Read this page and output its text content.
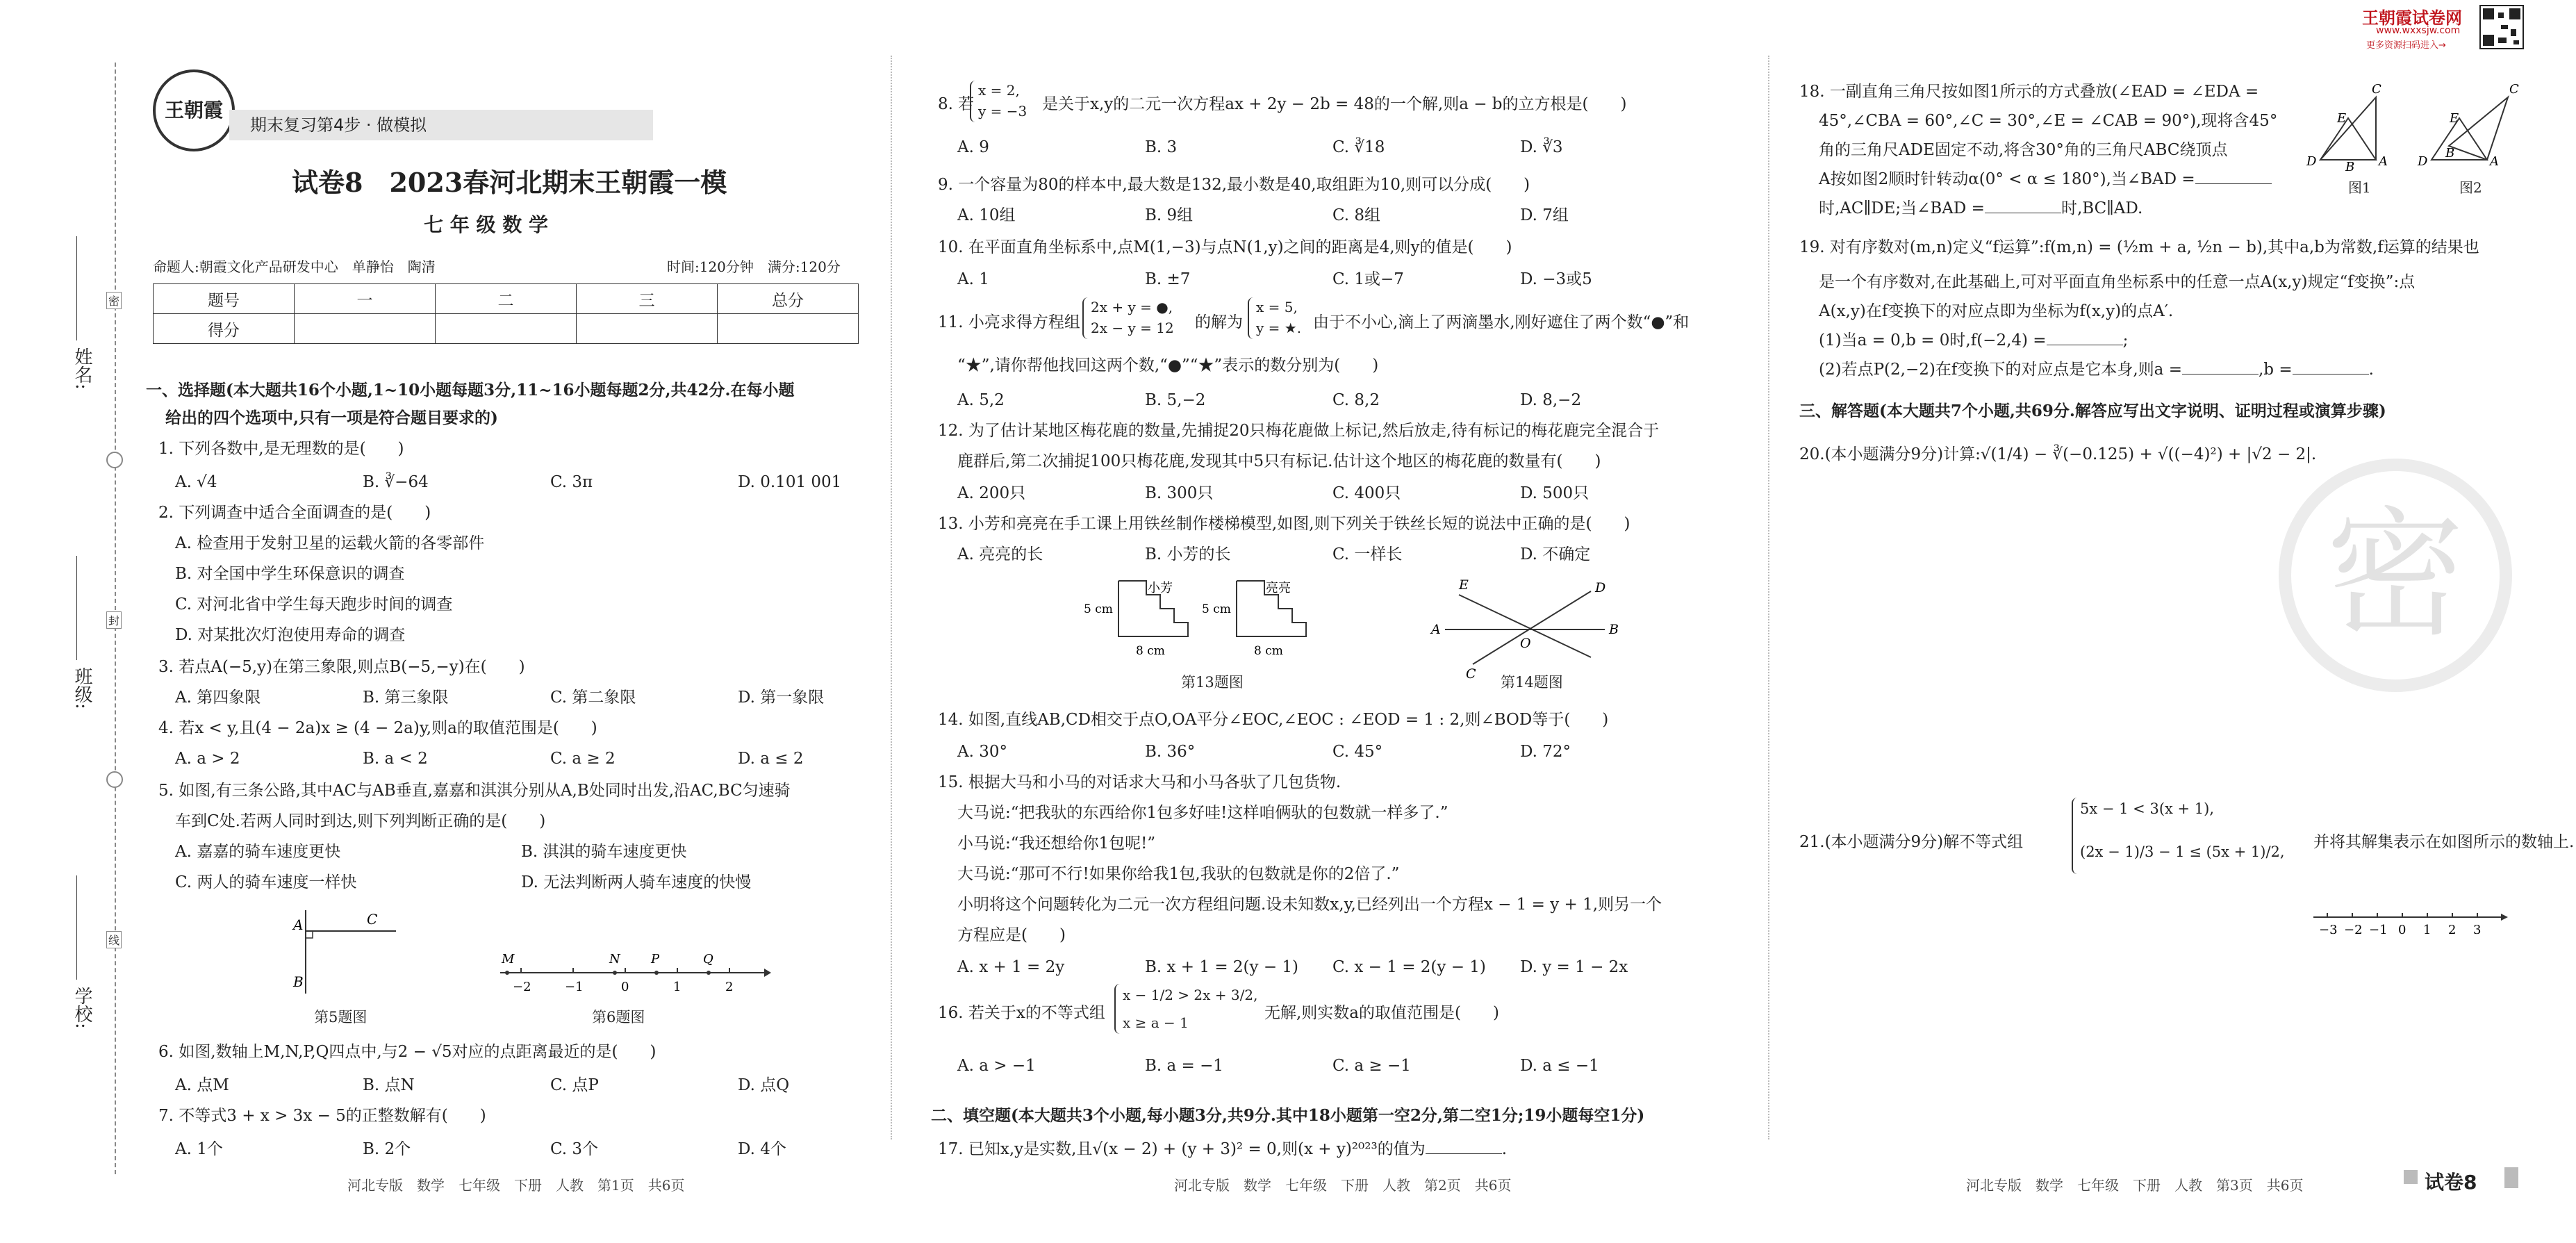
姓名:
班级:
学校:
密
封
线
王朝霞
期末复习第4步 · 做模拟
试卷8　2023春河北期末王朝霞一模
七 年 级 数 学
命题人:朝霞文化产品研发中心　单静怡　陶清	时间:120分钟　满分:120分
题号	一	二	三	总分
得分				
一、选择题(本大题共16个小题,1~10小题每题3分,11~16小题每题2分,共42分.在每小题
给出的四个选项中,只有一项是符合题目要求的)
1. 下列各数中,是无理数的是(　　)
A. √4	B. ∛−64	C. 3π	D. 0.101 001
2. 下列调查中适合全面调查的是(　　)
A. 检查用于发射卫星的运载火箭的各零部件
B. 对全国中学生环保意识的调查
C. 对河北省中学生每天跑步时间的调查
D. 对某批次灯泡使用寿命的调查
3. 若点A(−5,y)在第三象限,则点B(−5,−y)在(　　)
A. 第四象限	B. 第三象限	C. 第二象限	D. 第一象限
4. 若x < y,且(4 − 2a)x ≥ (4 − 2a)y,则a的取值范围是(　　)
A. a > 2	B. a < 2	C. a ≥ 2	D. a ≤ 2
5. 如图,有三条公路,其中AC与AB垂直,嘉嘉和淇淇分别从A,B处同时出发,沿AC,BC匀速骑
车到C处.若两人同时到达,则下列判断正确的是(　　)
A. 嘉嘉的骑车速度更快	B. 淇淇的骑车速度更快
C. 两人的骑车速度一样快	D. 无法判断两人骑车速度的快慢
A	C
B
第5题图
−2	−1	0	1	2
M	N P	Q
第6题图
6. 如图,数轴上M,N,P,Q四点中,与2 − √5对应的点距离最近的是(　　)
A. 点M	B. 点N	C. 点P	D. 点Q
7. 不等式3 + x > 3x − 5的正整数解有(　　)
A. 1个	B. 2个	C. 3个	D. 4个
河北专版　数学　七年级　下册　人教　第1页　共6页
8. 若
x = 2,
y = −3 是关于x,y的二元一次方程ax + 2y − 2b = 48的一个解,则a − b的立方根是(　　)
A. 9	B. 3	C. ∛18	D. ∛3
9. 一个容量为80的样本中,最大数是132,最小数是40,取组距为10,则可以分成(　　)
A. 10组	B. 9组	C. 8组	D. 7组
10. 在平面直角坐标系中,点M(1,−3)与点N(1,y)之间的距离是4,则y的值是(　　)
A. 1	B. ±7	C. 1或−7	D. −3或5
11. 小亮求得方程组
2x + y = ●,
2x − y = 12 的解为
x = 5,
y = ★. 由于不小心,滴上了两滴墨水,刚好遮住了两个数“●”和
“★”,请你帮他找回这两个数,“●”“★”表示的数分别为(　　)
A. 5,2	B. 5,−2	C. 8,2	D. 8,−2
12. 为了估计某地区梅花鹿的数量,先捕捉20只梅花鹿做上标记,然后放走,待有标记的梅花鹿完全混合于
鹿群后,第二次捕捉100只梅花鹿,发现其中5只有标记.估计这个地区的梅花鹿的数量有(　　)
A. 200只	B. 300只	C. 400只	D. 500只
13. 小芳和亮亮在手工课上用铁丝制作楼梯模型,如图,则下列关于铁丝长短的说法中正确的是(　　)
A. 亮亮的长	B. 小芳的长	C. 一样长	D. 不确定
小芳
5 cm
8 cm
亮亮
5 cm
8 cm
第13题图
E	D
A
O
B
C 第14题图
14. 如图,直线AB,CD相交于点O,OA平分∠EOC,∠EOC : ∠EOD = 1 : 2,则∠BOD等于(　　)
A. 30°	B. 36°	C. 45°	D. 72°
15. 根据大马和小马的对话求大马和小马各驮了几包货物.
大马说:“把我驮的东西给你1包多好哇!这样咱俩驮的包数就一样多了.”
小马说:“我还想给你1包呢!”
大马说:“那可不行!如果你给我1包,我驮的包数就是你的2倍了.”
小明将这个问题转化为二元一次方程组问题.设未知数x,y,已经列出一个方程x − 1 = y + 1,则另一个
方程应是(　　)
A. x + 1 = 2y	B. x + 1 = 2(y − 1)	C. x − 1 = 2(y − 1)	D. y = 1 − 2x
16. 若关于x的不等式组
x − 1/2 > 2x + 3/2,
x ≥ a − 1
无解,则实数a的取值范围是(　　)
A. a > −1	B. a = −1	C. a ≥ −1	D. a ≤ −1
二、填空题(本大题共3个小题,每小题3分,共9分.其中18小题第一空2分,第二空1分;19小题每空1分)
17. 已知x,y是实数,且√(x − 2) + (y + 3)² = 0,则(x + y)²⁰²³的值为	.
河北专版　数学　七年级　下册　人教　第2页　共6页
王朝霞试卷网
www.wxxsjw.com
更多资源扫码进入→
18. 一副直角三角尺按如图1所示的方式叠放(∠EAD = ∠EDA =
45°,∠CBA = 60°,∠C = 30°,∠E = ∠CAB = 90°),现将含45°
角的三角尺ADE固定不动,将含30°角的三角尺ABC绕顶点
A按如图2顺时针转动α(0° < α ≤ 180°),当∠BAD =
时,AC∥DE;当∠BAD =	时,BC∥AD.
C
E
D B A
图1
C
E
D
B
A
图2
19. 对有序数对(m,n)定义“f运算”:f(m,n) = (½m + a, ½n − b),其中a,b为常数,f运算的结果也
是一个有序数对,在此基础上,可对平面直角坐标系中的任意一点A(x,y)规定“f变换”:点
A(x,y)在f变换下的对应点即为坐标为f(x,y)的点A′.
(1)当a = 0,b = 0时,f(−2,4) =	;
(2)若点P(2,−2)在f变换下的对应点是它本身,则a =	,b =	.
三、解答题(本大题共7个小题,共69分.解答应写出文字说明、证明过程或演算步骤)
20.(本小题满分9分)计算:√(1/4) − ∛(−0.125) + √((−4)²) + |√2 − 2|.
密
21.(本小题满分9分)解不等式组
5x − 1 < 3(x + 1),
(2x − 1)/3 − 1 ≤ (5x + 1)/2,
并将其解集表示在如图所示的数轴上.
−3 −2 −1 0 1 2 3
河北专版　数学　七年级　下册　人教　第3页　共6页	试卷8
